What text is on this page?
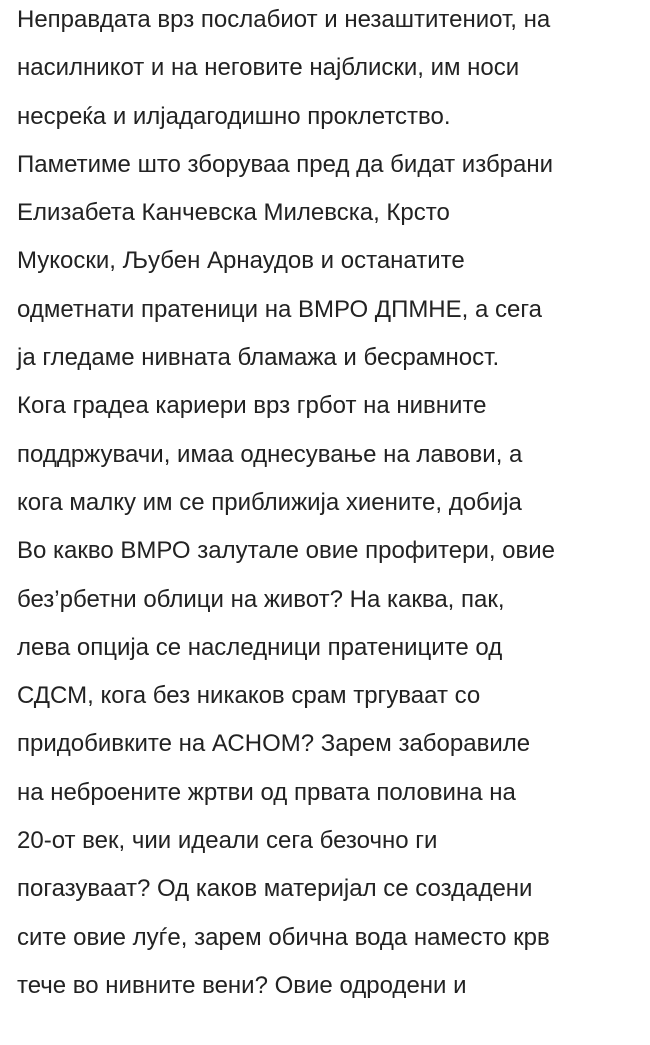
Неправдата врз послабиот и незаштитениот, на
насилникот и на неговите најблиски, им носи
несреќа и илјадагодишно проклетство.
Паметиме што зборуваа пред да бидат избрани
Елизабета Канчевска Милевска, Крсто
Мукоски, Љубен Арнаудов и останатите
одметнати пратеници на ВМРО ДПМНЕ, а сега
ја гледаме нивната бламажа и бесрамност.
Кога градеа кариери врз грбот на нивните
поддржувачи, имаа однесување на лавови, а
кога малку им се приближија хиените, добија
Во какво ВМРО залутале овие профитери, овие
без’рбетни облици на живот? На каква, пак,
лева опција се наследници пратениците од
СДСМ, кога без никаков срам тргуваат со
придобивките на АСНОМ? Зарем заборавиле
на неброените жртви од првата половина на
20-от век, чии идеали сега безочно ги
погазуваат? Од каков материјал се создадени
сите овие луѓе, зарем обична вода наместо крв
тече во нивните вени? Овие одродени и
